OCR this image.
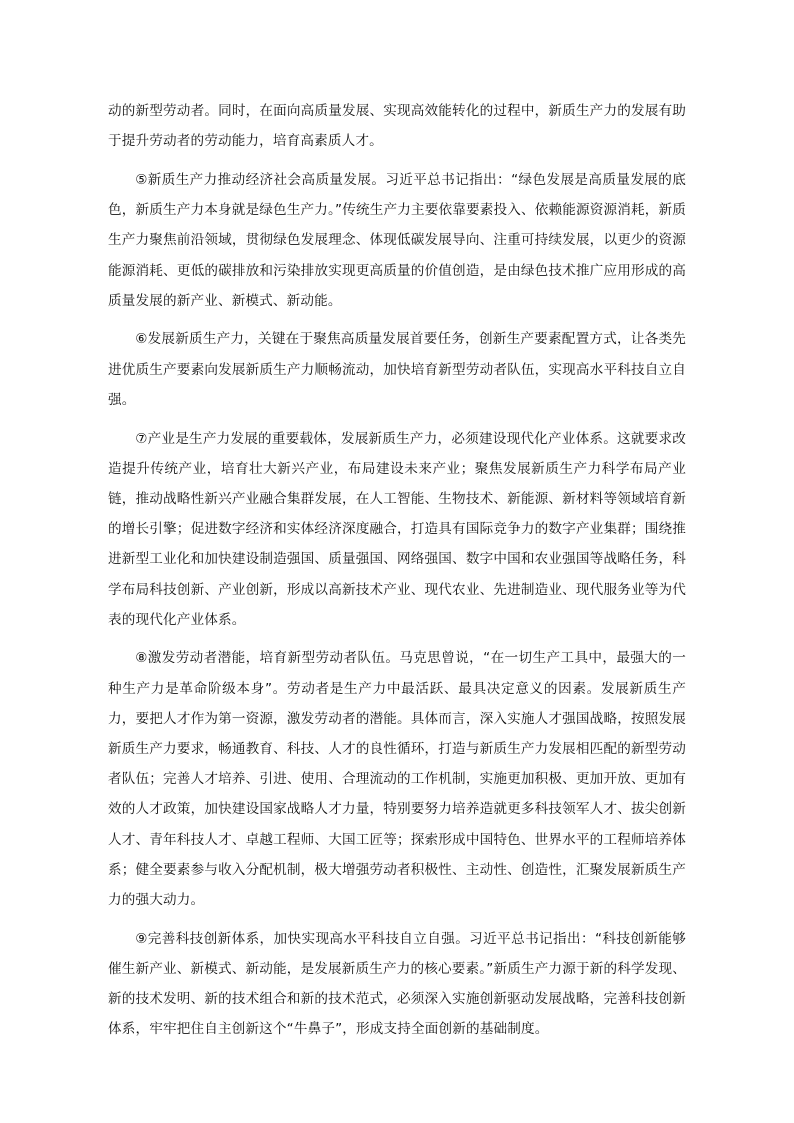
动的新型劳动者。同时，在面向高质量发展、实现高效能转化的过程中，新质生产力的发展有助于提升劳动者的劳动能力，培育高素质人才。

⑤新质生产力推动经济社会高质量发展。习近平总书记指出：“绿色发展是高质量发展的底色，新质生产力本身就是绿色生产力。”传统生产力主要依靠要素投入、依赖能源资源消耗，新质生产力聚焦前沿领域，贯彻绿色发展理念、体现低碳发展导向、注重可持续发展，以更少的资源能源消耗、更低的碳排放和污染排放实现更高质量的价值创造，是由绿色技术推广应用形成的高质量发展的新产业、新模式、新动能。

⑥发展新质生产力，关键在于聚焦高质量发展首要任务，创新生产要素配置方式，让各类先进优质生产要素向发展新质生产力顺畅流动，加快培育新型劳动者队伍，实现高水平科技自立自强。

⑦产业是生产力发展的重要载体，发展新质生产力，必须建设现代化产业体系。这就要求改造提升传统产业，培育壮大新兴产业，布局建设未来产业；聚焦发展新质生产力科学布局产业链，推动战略性新兴产业融合集群发展，在人工智能、生物技术、新能源、新材料等领域培育新的增长引擎；促进数字经济和实体经济深度融合，打造具有国际竞争力的数字产业集群；围绕推进新型工业化和加快建设制造强国、质量强国、网络强国、数字中国和农业强国等战略任务，科学布局科技创新、产业创新，形成以高新技术产业、现代农业、先进制造业、现代服务业等为代表的现代化产业体系。

⑧激发劳动者潜能，培育新型劳动者队伍。马克思曾说，“在一切生产工具中，最强大的一种生产力是革命阶级本身”。劳动者是生产力中最活跃、最具决定意义的因素。发展新质生产力，要把人才作为第一资源，激发劳动者的潜能。具体而言，深入实施人才强国战略，按照发展新质生产力要求，畅通教育、科技、人才的良性循环，打造与新质生产力发展相匹配的新型劳动者队伍；完善人才培养、引进、使用、合理流动的工作机制，实施更加积极、更加开放、更加有效的人才政策，加快建设国家战略人才力量，特别要努力培养造就更多科技领军人才、拔尖创新人才、青年科技人才、卓越工程师、大国工匠等；探索形成中国特色、世界水平的工程师培养体系；健全要素参与收入分配机制，极大增强劳动者积极性、主动性、创造性，汇聚发展新质生产力的强大动力。

⑨完善科技创新体系，加快实现高水平科技自立自强。习近平总书记指出：“科技创新能够催生新产业、新模式、新动能，是发展新质生产力的核心要素。”新质生产力源于新的科学发现、新的技术发明、新的技术组合和新的技术范式，必须深入实施创新驱动发展战略，完善科技创新体系，牢牢把住自主创新这个“牛鼻子”，形成支持全面创新的基础制度。
